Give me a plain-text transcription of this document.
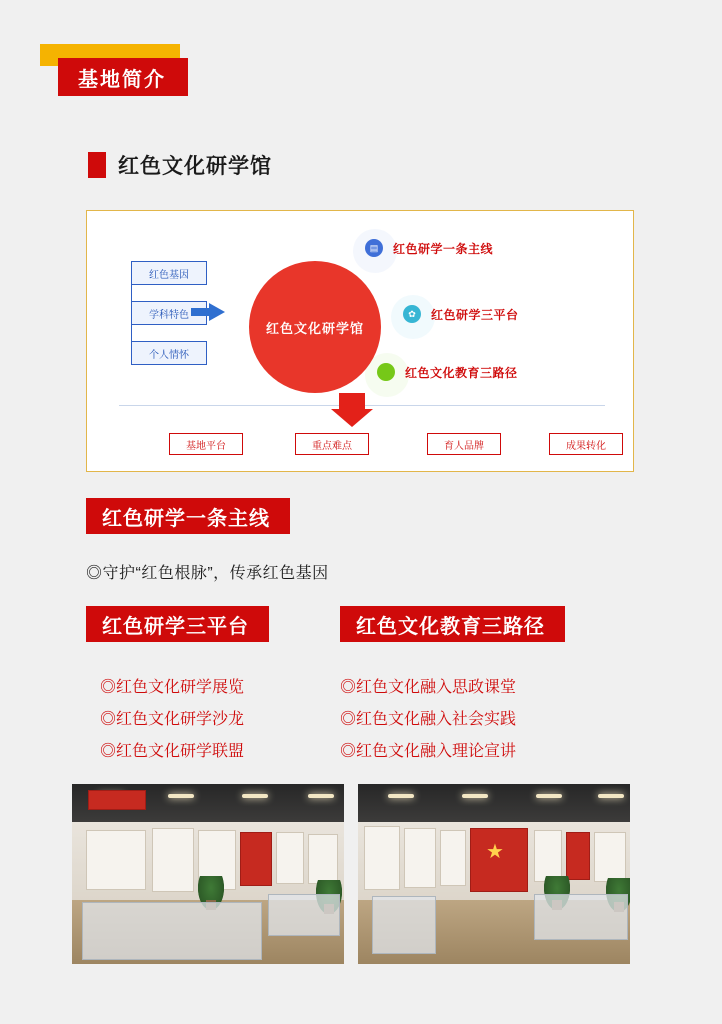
基地简介
红色文化研学馆
红色基因
学科特色
个人情怀
红色文化研学馆
▤	红色研学一条主线
✿	红色研学三平台
红色文化教育三路径
基地平台	重点难点	育人品牌	成果转化
红色研学一条主线
◎守护“红色根脉”，传承红色基因
红色研学三平台
◎红色文化研学展览
◎红色文化研学沙龙
◎红色文化研学联盟
红色文化教育三路径
◎红色文化融入思政课堂
◎红色文化融入社会实践
◎红色文化融入理论宣讲
★
